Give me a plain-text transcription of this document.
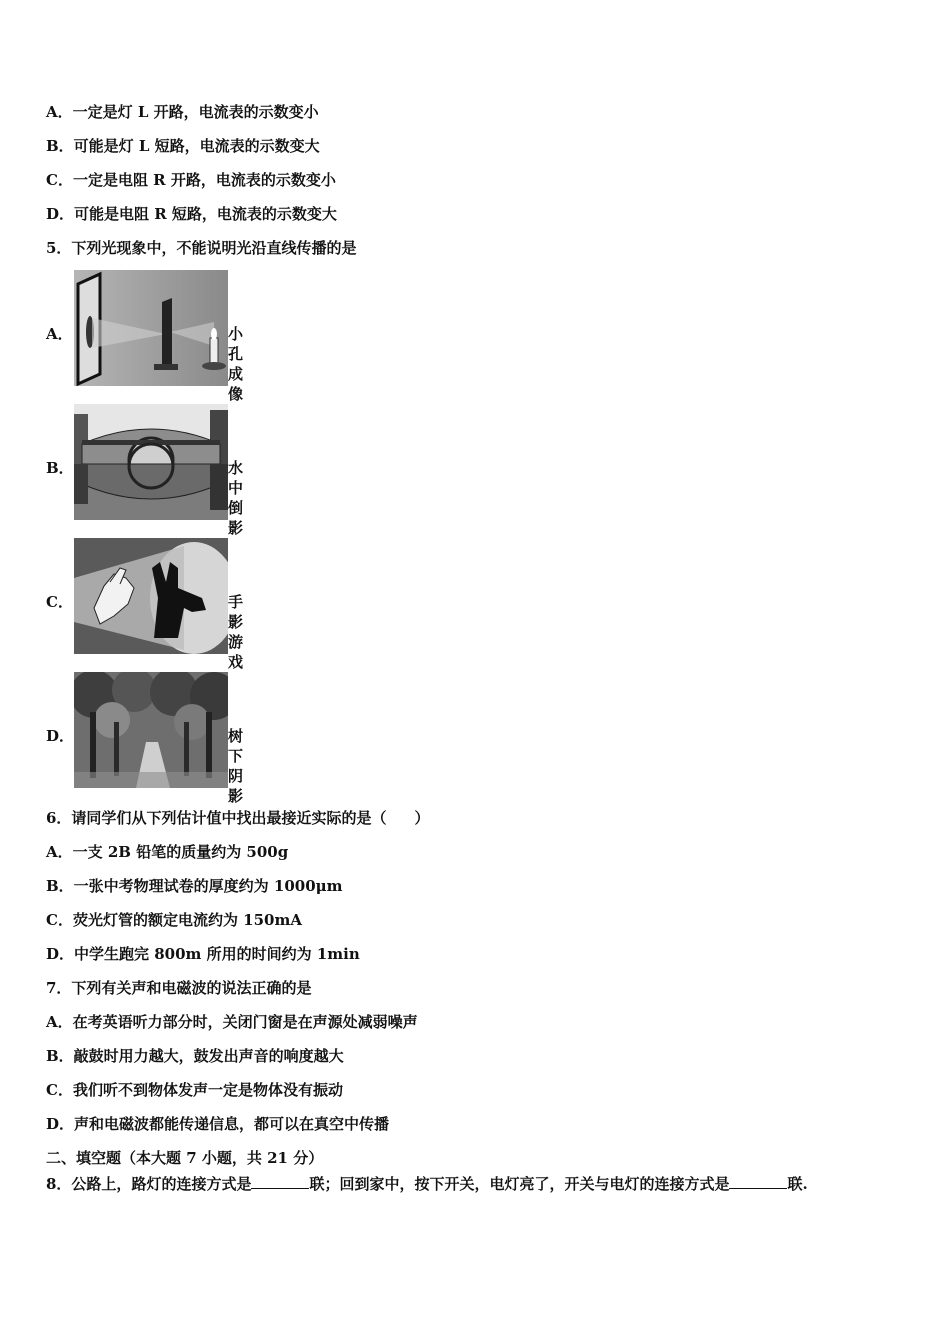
A．一定是灯 L 开路，电流表的示数变小
B．可能是灯 L 短路，电流表的示数变大
C．一定是电阻 R 开路，电流表的示数变小
D．可能是电阻 R 短路，电流表的示数变大
5．下列光现象中，不能说明光沿直线传播的是
A．	小孔成像
B．	水中倒影
C．	手影游戏
D．	树下阴影
6．请同学们从下列估计值中找出最接近实际的是（ ）
A．一支 2B 铅笔的质量约为 500g
B．一张中考物理试卷的厚度约为 1000μm
C．荧光灯管的额定电流约为 150mA
D．中学生跑完 800m 所用的时间约为 1min
7．下列有关声和电磁波的说法正确的是
A．在考英语听力部分时，关闭门窗是在声源处减弱噪声
B．敲鼓时用力越大，鼓发出声音的响度越大
C．我们听不到物体发声一定是物体没有振动
D．声和电磁波都能传递信息，都可以在真空中传播
二、填空题（本大题 7 小题，共 21 分）
8．公路上，路灯的连接方式是	联；回到家中，按下开关，电灯亮了，开关与电灯的连接方式是	联.
